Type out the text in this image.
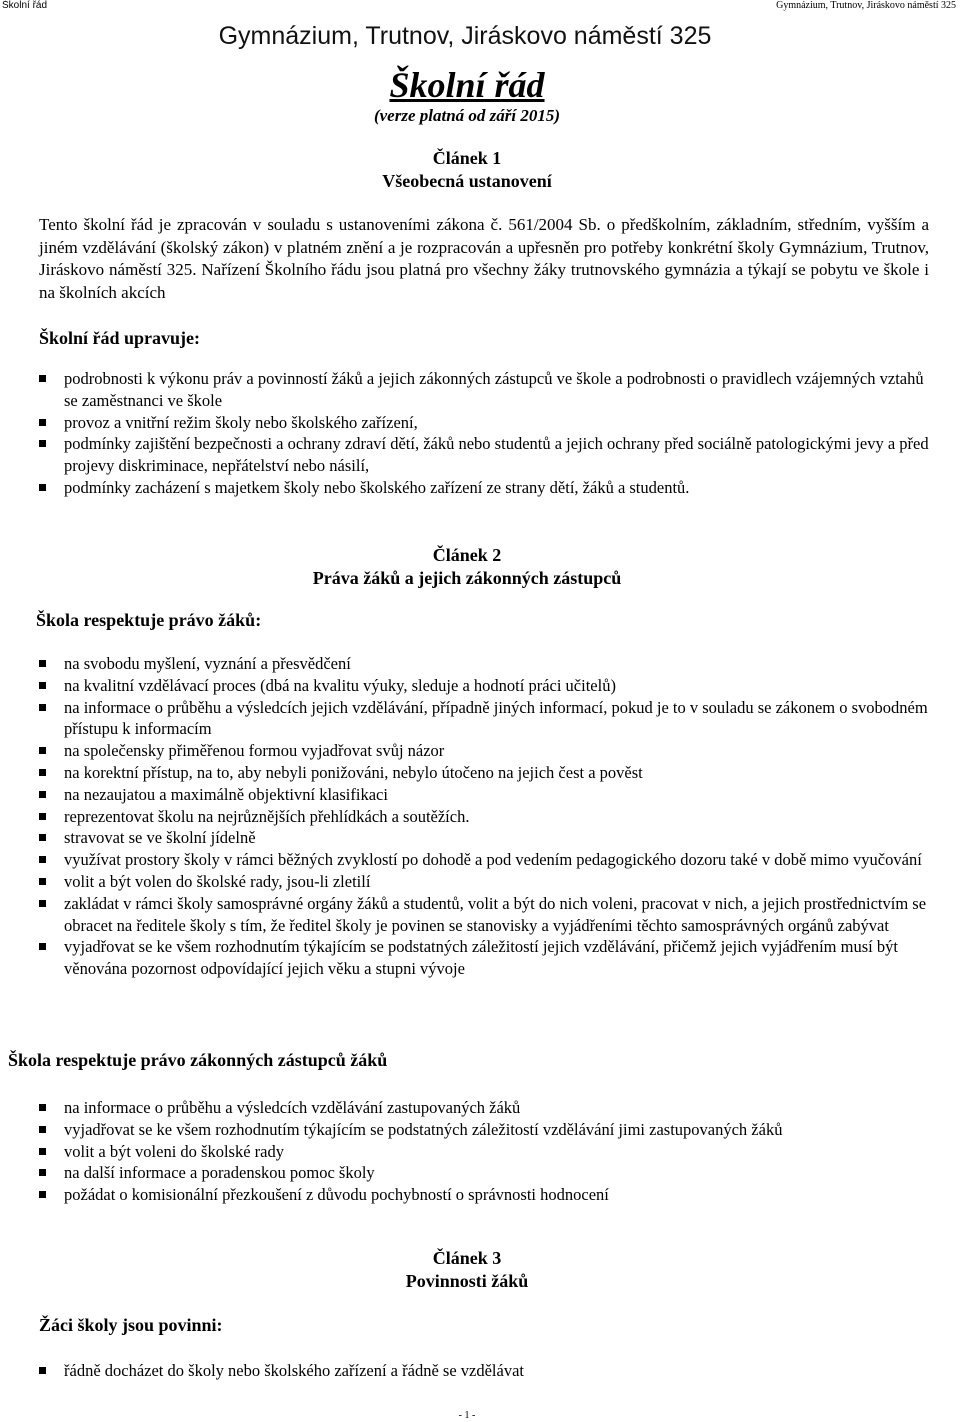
Školní řád	Gymnázium, Trutnov, Jiráskovo náměstí 325
Gymnázium, Trutnov, Jiráskovo náměstí 325
Školní řád
(verze platná od září 2015)
Článek 1
Všeobecná ustanovení
Tento školní řád je zpracován v souladu s ustanoveními zákona č. 561/2004 Sb. o předškolním, základním, středním, vyšším a jiném vzdělávání (školský zákon) v platném znění a je rozpracován a upřesněn pro potřeby konkrétní školy Gymnázium, Trutnov, Jiráskovo náměstí 325. Nařízení Školního řádu jsou platná pro všechny žáky trutnovského gymnázia a týkají se pobytu ve škole i na školních akcích
Školní řád upravuje:
podrobnosti k výkonu práv a povinností žáků a jejich zákonných zástupců ve škole a podrobnosti o pravidlech vzájemných vztahů se zaměstnanci ve škole
provoz a vnitřní režim školy nebo školského zařízení,
podmínky zajištění bezpečnosti a ochrany zdraví dětí, žáků nebo studentů a jejich ochrany před sociálně patologickými jevy a před projevy diskriminace, nepřátelství nebo násilí,
podmínky zacházení s majetkem školy nebo školského zařízení ze strany dětí, žáků a studentů.
Článek 2
Práva žáků a jejich zákonných zástupců
Škola respektuje právo žáků:
na svobodu myšlení, vyznání a přesvědčení
na kvalitní vzdělávací proces (dbá na kvalitu výuky, sleduje a hodnotí práci učitelů)
na informace o průběhu a výsledcích jejich vzdělávání, případně jiných informací, pokud je to v souladu se zákonem o svobodném přístupu k informacím
na společensky přiměřenou formou vyjadřovat svůj názor
na korektní přístup, na to, aby nebyli ponižováni, nebylo útočeno na jejich čest a pověst
na nezaujatou a maximálně objektivní klasifikaci
reprezentovat školu na nejrůznějších přehlídkách a soutěžích.
stravovat se ve školní jídelně
využívat prostory školy v rámci běžných zvyklostí po dohodě a pod vedením pedagogického dozoru také v době mimo vyučování
volit a být volen do školské rady, jsou-li zletilí
zakládat v rámci školy samosprávné orgány žáků a studentů, volit a být do nich voleni, pracovat v nich, a jejich prostřednictvím se obracet na ředitele školy s tím, že ředitel školy je povinen se stanovisky a vyjádřeními těchto samosprávných orgánů zabývat
vyjadřovat se ke všem rozhodnutím týkajícím se podstatných záležitostí jejich vzdělávání, přičemž jejich vyjádřením musí být věnována pozornost odpovídající jejich věku a stupni vývoje
Škola respektuje právo zákonných zástupců žáků
na informace o průběhu a výsledcích vzdělávání zastupovaných žáků
vyjadřovat se ke všem rozhodnutím týkajícím se podstatných záležitostí vzdělávání jimi zastupovaných žáků
volit a být voleni do školské rady
na další informace a poradenskou pomoc školy
požádat o komisionální přezkoušení z důvodu pochybností o správnosti hodnocení
Článek 3
Povinnosti žáků
Žáci školy jsou povinni:
řádně docházet do školy nebo školského zařízení a řádně se vzdělávat
- 1 -
